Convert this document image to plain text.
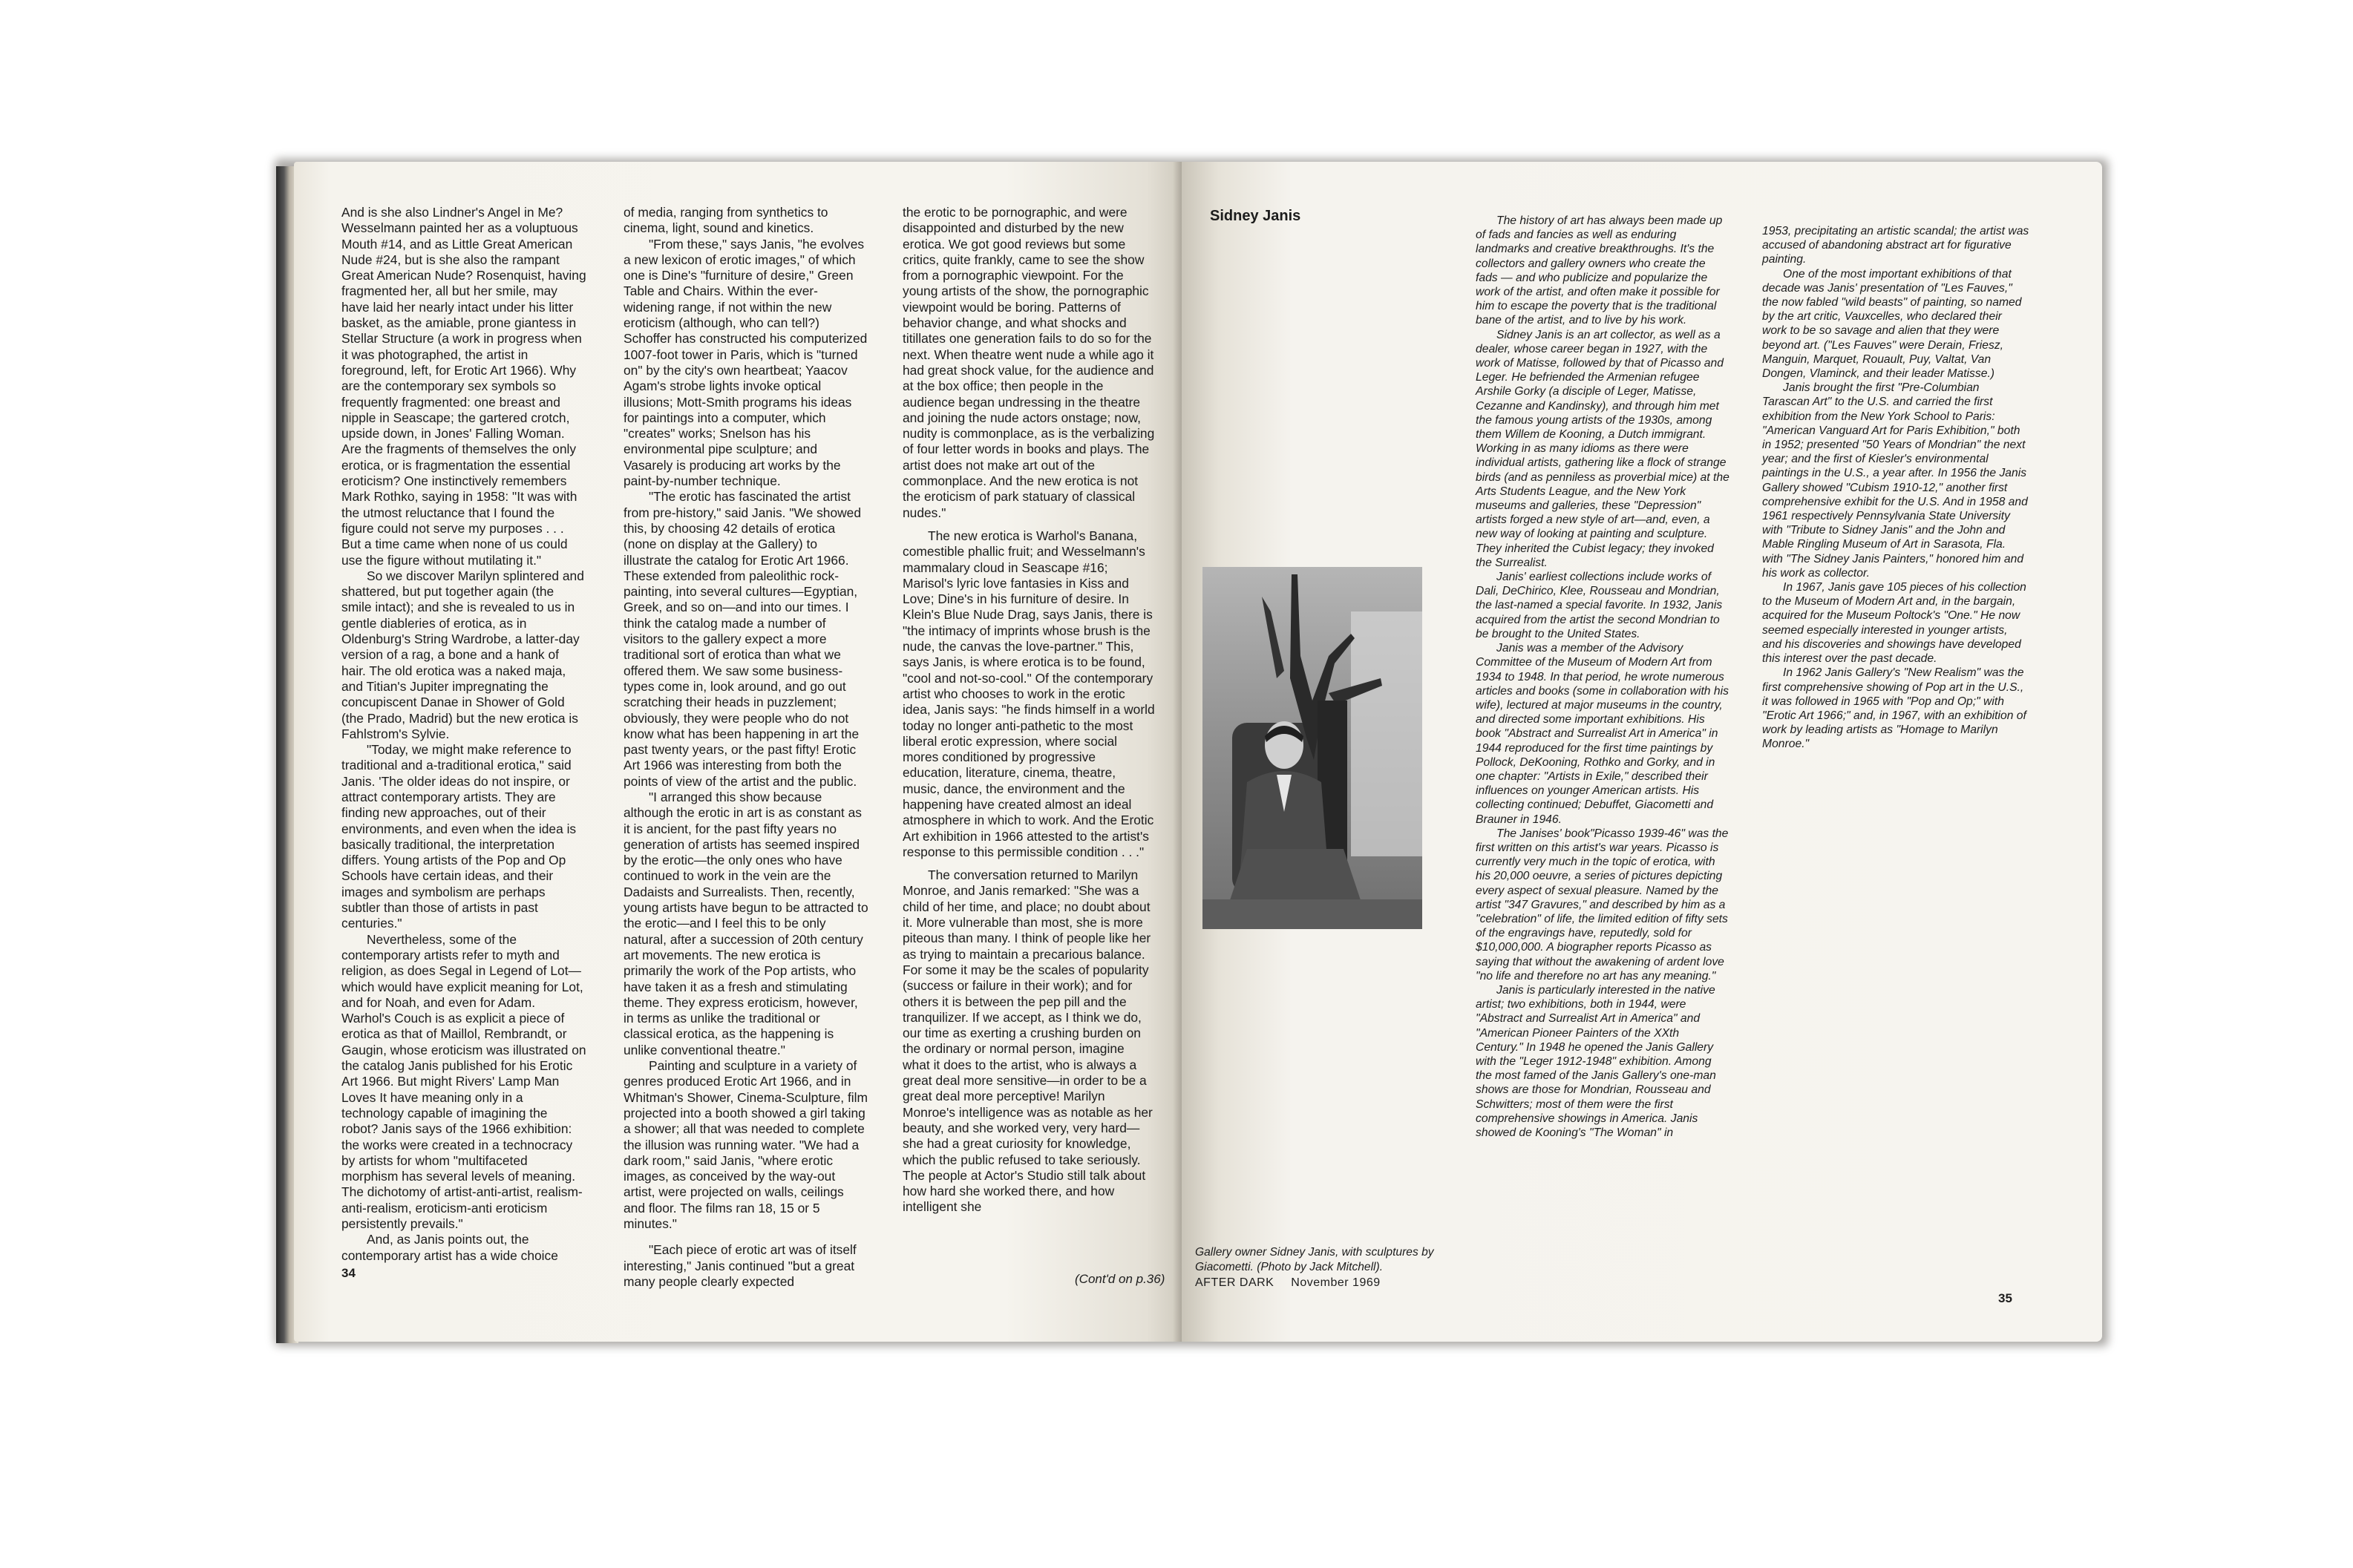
And is she also Lindner's Angel in Me? Wesselmann painted her as a voluptuous Mouth #14, and as Little Great American Nude #24, but is she also the rampant Great American Nude? Rosenquist, having fragmented her, all but her smile, may have laid her nearly intact under his litter basket, as the amiable, prone giantess in Stellar Structure (a work in progress when it was photographed, the artist in foreground, left, for Erotic Art 1966). Why are the contemporary sex symbols so frequently fragmented: one breast and nipple in Seascape; the gartered crotch, upside down, in Jones' Falling Woman. Are the fragments of themselves the only erotica, or is fragmentation the essential eroticism? One instinctively remembers Mark Rothko, saying in 1958: "It was with the utmost reluctance that I found the figure could not serve my purposes . . . But a time came when none of us could use the figure without mutilating it."

So we discover Marilyn splintered and shattered, but put together again (the smile intact); and she is revealed to us in gentle diableries of erotica, as in Oldenburg's String Wardrobe, a latter-day version of a rag, a bone and a hank of hair. The old erotica was a naked maja, and Titian's Jupiter impregnating the concupiscent Danae in Shower of Gold (the Prado, Madrid) but the new erotica is Fahlstrom's Sylvie.

"Today, we might make reference to traditional and a-traditional erotica," said Janis. 'The older ideas do not inspire, or attract contemporary artists. They are finding new approaches, out of their environments, and even when the idea is basically traditional, the interpretation differs. Young artists of the Pop and Op Schools have certain ideas, and their images and symbolism are perhaps subtler than those of artists in past centuries."

Nevertheless, some of the contemporary artists refer to myth and religion, as does Segal in Legend of Lot—which would have explicit meaning for Lot, and for Noah, and even for Adam. Warhol's Couch is as explicit a piece of erotica as that of Maillol, Rembrandt, or Gaugin, whose eroticism was illustrated on the catalog Janis published for his Erotic Art 1966. But might Rivers' Lamp Man Loves It have meaning only in a technology capable of imagining the robot? Janis says of the 1966 exhibition: the works were created in a technocracy by artists for whom "multifaceted morphism has several levels of meaning. The dichotomy of artist-anti-artist, realism-anti-realism, eroticism-anti eroticism persistently prevails."

And, as Janis points out, the contemporary artist has a wide choice

of media, ranging from synthetics to cinema, light, sound and kinetics.

"From these," says Janis, "he evolves a new lexicon of erotic images," of which one is Dine's "furniture of desire," Green Table and Chairs. Within the ever-widening range, if not within the new eroticism (although, who can tell?) Schoffer has constructed his computerized 1007-foot tower in Paris, which is "turned on" by the city's own heartbeat; Yaacov Agam's strobe lights invoke optical illusions; Mott-Smith programs his ideas for paintings into a computer, which "creates" works; Snelson has his environmental pipe sculpture; and Vasarely is producing art works by the paint-by-number technique.

"The erotic has fascinated the artist from pre-history," said Janis. "We showed this, by choosing 42 details of erotica (none on display at the Gallery) to illustrate the catalog for Erotic Art 1966. These extended from paleolithic rock-painting, into several cultures—Egyptian, Greek, and so on—and into our times. I think the catalog made a number of visitors to the gallery expect a more traditional sort of erotica than what we offered them. We saw some business-types come in, look around, and go out scratching their heads in puzzlement; obviously, they were people who do not know what has been happening in art the past twenty years, or the past fifty! Erotic Art 1966 was interesting from both the points of view of the artist and the public.

"I arranged this show because although the erotic in art is as constant as it is ancient, for the past fifty years no generation of artists has seemed inspired by the erotic—the only ones who have continued to work in the vein are the Dadaists and Surrealists. Then, recently, young artists have begun to be attracted to the erotic—and I feel this to be only natural, after a succession of 20th century art movements. The new erotica is primarily the work of the Pop artists, who have taken it as a fresh and stimulating theme. They express eroticism, however, in terms as unlike the traditional or classical erotica, as the happening is unlike conventional theatre."

Painting and sculpture in a variety of genres produced Erotic Art 1966, and in Whitman's Shower, Cinema-Sculpture, film projected into a booth showed a girl taking a shower; all that was needed to complete the illusion was running water. "We had a dark room," said Janis, "where erotic images, as conceived by the way-out artist, were projected on walls, ceilings and floor. The films ran 18, 15 or 5 minutes."

"Each piece of erotic art was of itself interesting," Janis continued "but a great many people clearly expected

the erotic to be pornographic, and were disappointed and disturbed by the new erotica. We got good reviews but some critics, quite frankly, came to see the show from a pornographic viewpoint. For the young artists of the show, the pornographic viewpoint would be boring. Patterns of behavior change, and what shocks and titillates one generation fails to do so for the next. When theatre went nude a while ago it had great shock value, for the audience and at the box office; then people in the audience began undressing in the theatre and joining the nude actors onstage; now, nudity is commonplace, as is the verbalizing of four letter words in books and plays. The artist does not make art out of the commonplace. And the new erotica is not the eroticism of park statuary of classical nudes."

The new erotica is Warhol's Banana, comestible phallic fruit; and Wesselmann's mammalary cloud in Seascape #16; Marisol's lyric love fantasies in Kiss and Love; Dine's in his furniture of desire. In Klein's Blue Nude Drag, says Janis, there is "the intimacy of imprints whose brush is the nude, the canvas the love-partner." This, says Janis, is where erotica is to be found, "cool and not-so-cool." Of the contemporary artist who chooses to work in the erotic idea, Janis says: "he finds himself in a world today no longer anti-pathetic to the most liberal erotic expression, where social mores conditioned by progressive education, literature, cinema, theatre, music, dance, the environment and the happening have created almost an ideal atmosphere in which to work. And the Erotic Art exhibition in 1966 attested to the artist's response to this permissible condition . . ."

The conversation returned to Marilyn Monroe, and Janis remarked: "She was a child of her time, and place; no doubt about it. More vulnerable than most, she is more piteous than many. I think of people like her as trying to maintain a precarious balance. For some it may be the scales of popularity (success or failure in their work); and for others it is between the pep pill and the tranquilizer. If we accept, as I think we do, our time as exerting a crushing burden on the ordinary or normal person, imagine what it does to the artist, who is always a great deal more sensitive—in order to be a great deal more perceptive! Marilyn Monroe's intelligence was as notable as her beauty, and she worked very, very hard—she had a great curiosity for knowledge, which the public refused to take seriously. The people at Actor's Studio still talk about how hard she worked there, and how intelligent she

34	(Cont'd on p.36)
Sidney Janis	The history of art has always been made up of fads and fancies as well as enduring landmarks and creative breakthroughs. It's the collectors and gallery owners who create the fads — and who publicize and popularize the work of the artist, and often make it possible for him to escape the poverty that is the traditional bane of the artist, and to live by his work.

Sidney Janis is an art collector, as well as a dealer, whose career began in 1927, with the work of Matisse, followed by that of Picasso and Leger. He befriended the Armenian refugee Arshile Gorky (a disciple of Leger, Matisse, Cezanne and Kandinsky), and through him met the famous young artists of the 1930s, among them Willem de Kooning, a Dutch immigrant. Working in as many idioms as there were individual artists, gathering like a flock of strange birds (and as penniless as proverbial mice) at the Arts Students League, and the New York museums and galleries, these "Depression" artists forged a new style of art—and, even, a new way of looking at painting and sculpture. They inherited the Cubist legacy; they invoked the Surrealist.

Janis' earliest collections include works of Dali, DeChirico, Klee, Rousseau and Mondrian, the last-named a special favorite. In 1932, Janis acquired from the artist the second Mondrian to be brought to the United States.

Janis was a member of the Advisory Committee of the Museum of Modern Art from 1934 to 1948. In that period, he wrote numerous articles and books (some in collaboration with his wife), lectured at major museums in the country, and directed some important exhibitions. His book "Abstract and Surrealist Art in America" in 1944 reproduced for the first time paintings by Pollock, DeKooning, Rothko and Gorky, and in one chapter: "Artists in Exile," described their influences on younger American artists. His collecting continued; Debuffet, Giacometti and Brauner in 1946.

The Janises' book"Picasso 1939-46" was the first written on this artist's war years. Picasso is currently very much in the topic of erotica, with his 20,000 oeuvre, a series of pictures depicting every aspect of sexual pleasure. Named by the artist "347 Gravures," and described by him as a "celebration" of life, the limited edition of fifty sets of the engravings have, reputedly, sold for $10,000,000. A biographer reports Picasso as saying that without the awakening of ardent love "no life and therefore no art has any meaning."

Janis is particularly interested in the native artist; two exhibitions, both in 1944, were "Abstract and Surrealist Art in America" and "American Pioneer Painters of the XXth Century." In 1948 he opened the Janis Gallery with the "Leger 1912-1948" exhibition. Among the most famed of the Janis Gallery's one-man shows are those for Mondrian, Rousseau and Schwitters; most of them were the first comprehensive showings in America. Janis showed de Kooning's "The Woman" in

1953, precipitating an artistic scandal; the artist was accused of abandoning abstract art for figurative painting.

One of the most important exhibitions of that decade was Janis' presentation of "Les Fauves," the now fabled "wild beasts" of painting, so named by the art critic, Vauxcelles, who declared their work to be so savage and alien that they were beyond art. ("Les Fauves" were Derain, Friesz, Manguin, Marquet, Rouault, Puy, Valtat, Van Dongen, Vlaminck, and their leader Matisse.)

Janis brought the first "Pre-Columbian Tarascan Art" to the U.S. and carried the first exhibition from the New York School to Paris: "American Vanguard Art for Paris Exhibition," both in 1952; presented "50 Years of Mondrian" the next year; and the first of Kiesler's environmental paintings in the U.S., a year after. In 1956 the Janis Gallery showed "Cubism 1910-12," another first comprehensive exhibit for the U.S. And in 1958 and 1961 respectively Pennsylvania State University with "Tribute to Sidney Janis" and the John and Mable Ringling Museum of Art in Sarasota, Fla. with "The Sidney Janis Painters," honored him and his work as collector.

In 1967, Janis gave 105 pieces of his collection to the Museum of Modern Art and, in the bargain, acquired for the Museum Poltock's "One." He now seemed especially interested in younger artists, and his discoveries and showings have developed this interest over the past decade.

In 1962 Janis Gallery's "New Realism" was the first comprehensive showing of Pop art in the U.S., it was followed in 1965 with "Pop and Op;" with "Erotic Art 1966;" and, in 1967, with an exhibition of work by leading artists as "Homage to Marilyn Monroe."

Gallery owner Sidney Janis, with sculptures by Giacometti. (Photo by Jack Mitchell).
AFTER DARK November 1969
35
